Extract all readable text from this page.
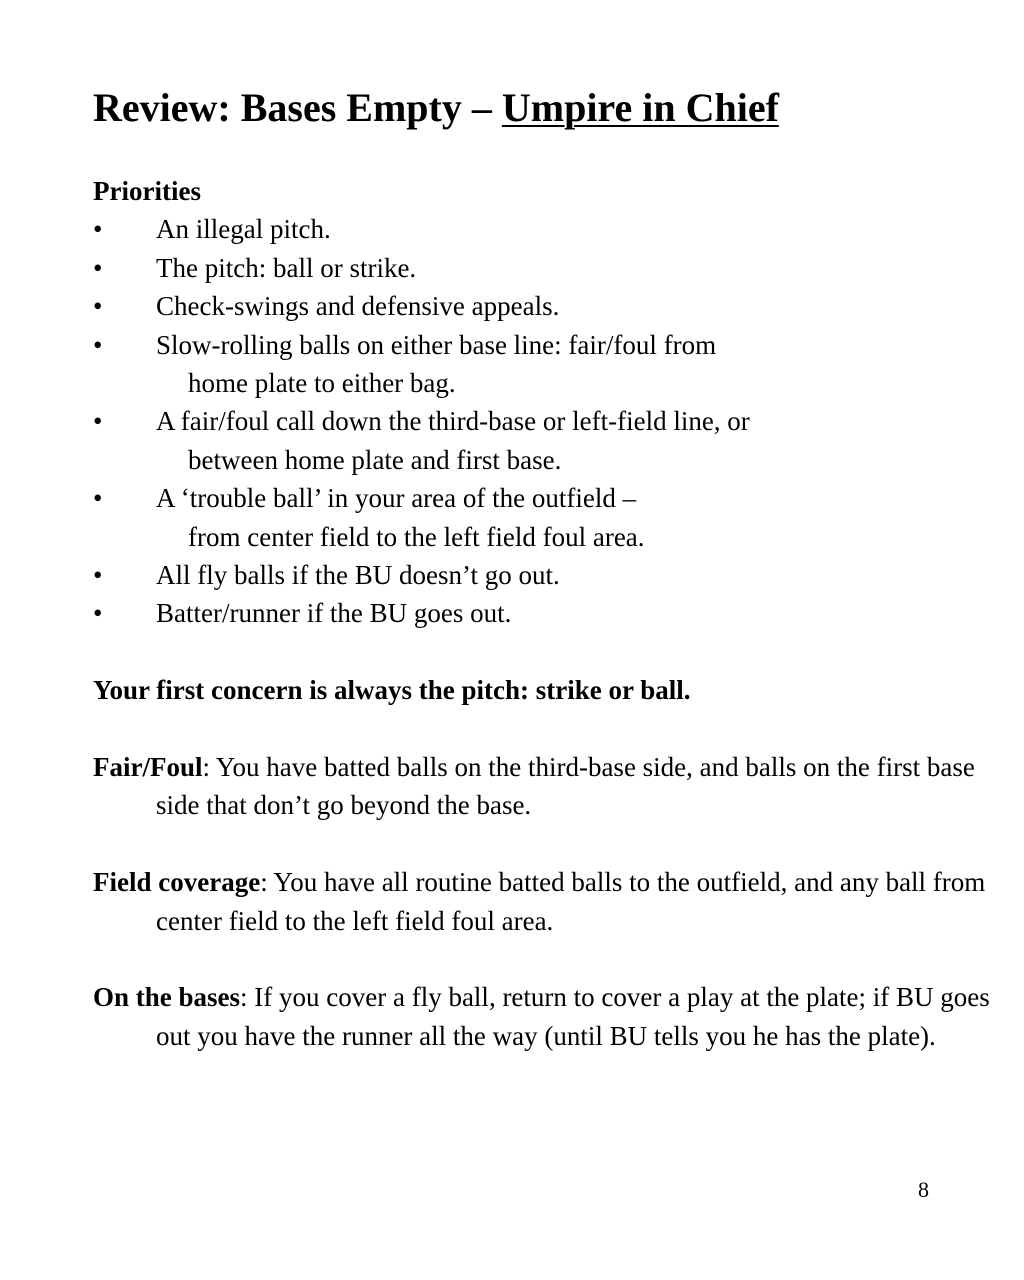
Review: Bases Empty – Umpire in Chief

Priorities

• An illegal pitch.
• The pitch: ball or strike.
• Check-swings and defensive appeals.
• Slow-rolling balls on either base line: fair/foul from
home plate to either bag.
• A fair/foul call down the third-base or left-field line, or
between home plate and first base.
• A ‘trouble ball’ in your area of the outfield –
from center field to the left field foul area.
• All fly balls if the BU doesn’t go out.
• Batter/runner if the BU goes out.

Your first concern is always the pitch: strike or ball.

Fair/Foul: You have batted balls on the third-base side, and balls on the first base side that don’t go beyond the base.

Field coverage: You have all routine batted balls to the outfield, and any ball from center field to the left field foul area.

On the bases: If you cover a fly ball, return to cover a play at the plate; if BU goes out you have the runner all the way (until BU tells you he has the plate).

8
